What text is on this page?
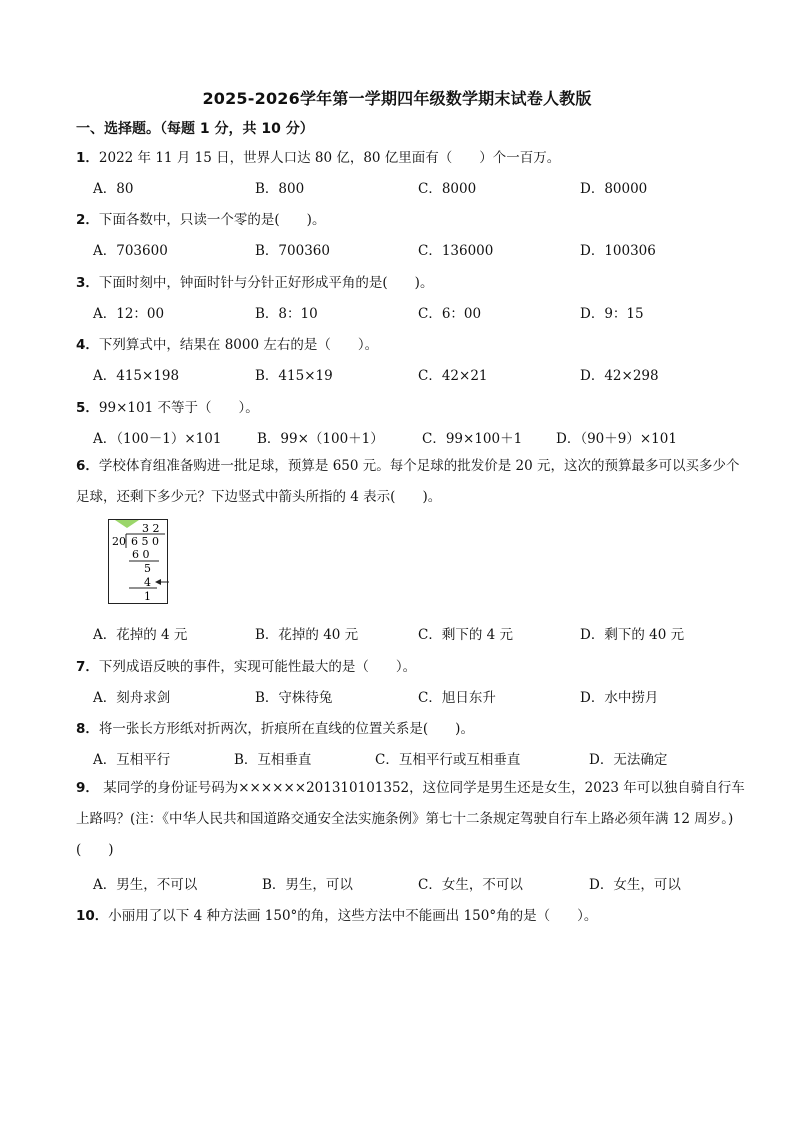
2025-2026学年第一学期四年级数学期末试卷人教版
一、选择题。（每题 1 分，共 10 分）
1．2022 年 11 月 15 日，世界人口达 80 亿，80 亿里面有（　　）个一百万。
A．80	B．800	C．8000	D．80000
2．下面各数中，只读一个零的是(　　)。
A．703600	B．700360	C．136000	D．100306
3．下面时刻中，钟面时针与分针正好形成平角的是(　　)。
A．12：00	B．8：10	C．6：00	D．9：15
4．下列算式中，结果在 8000 左右的是（　　）。
A．415×198	B．415×19	C．42×21	D．42×298
5．99×101 不等于（　　）。
A．（100－1）×101	B．99×（100＋1）	C．99×100＋1	D．（90＋9）×101
6．学校体育组准备购进一批足球，预算是 650 元。每个足球的批发价是 20 元，这次的预算最多可以买多少个足球，还剩下多少元？下边竖式中箭头所指的 4 表示(　　)。
3 2
20 6 5 0
6 0
5
4
1
A．花掉的 4 元	B．花掉的 40 元	C．剩下的 4 元	D．剩下的 40 元
7．下列成语反映的事件，实现可能性最大的是（　　）。
A．刻舟求剑	B．守株待兔	C．旭日东升	D．水中捞月
8．将一张长方形纸对折两次，折痕所在直线的位置关系是(　　)。
A．互相平行	B．互相垂直	C．互相平行或互相垂直	D．无法确定
9． 某同学的身份证号码为××××××201310101352，这位同学是男生还是女生，2023 年可以独自骑自行车上路吗？(注：《中华人民共和国道路交通安全法实施条例》第七十二条规定驾驶自行车上路必须年满 12 周岁。)(　　)
A．男生，不可以	B．男生，可以	C．女生，不可以	D．女生，可以
10．小丽用了以下 4 种方法画 150°的角，这些方法中不能画出 150°角的是（　　）。
